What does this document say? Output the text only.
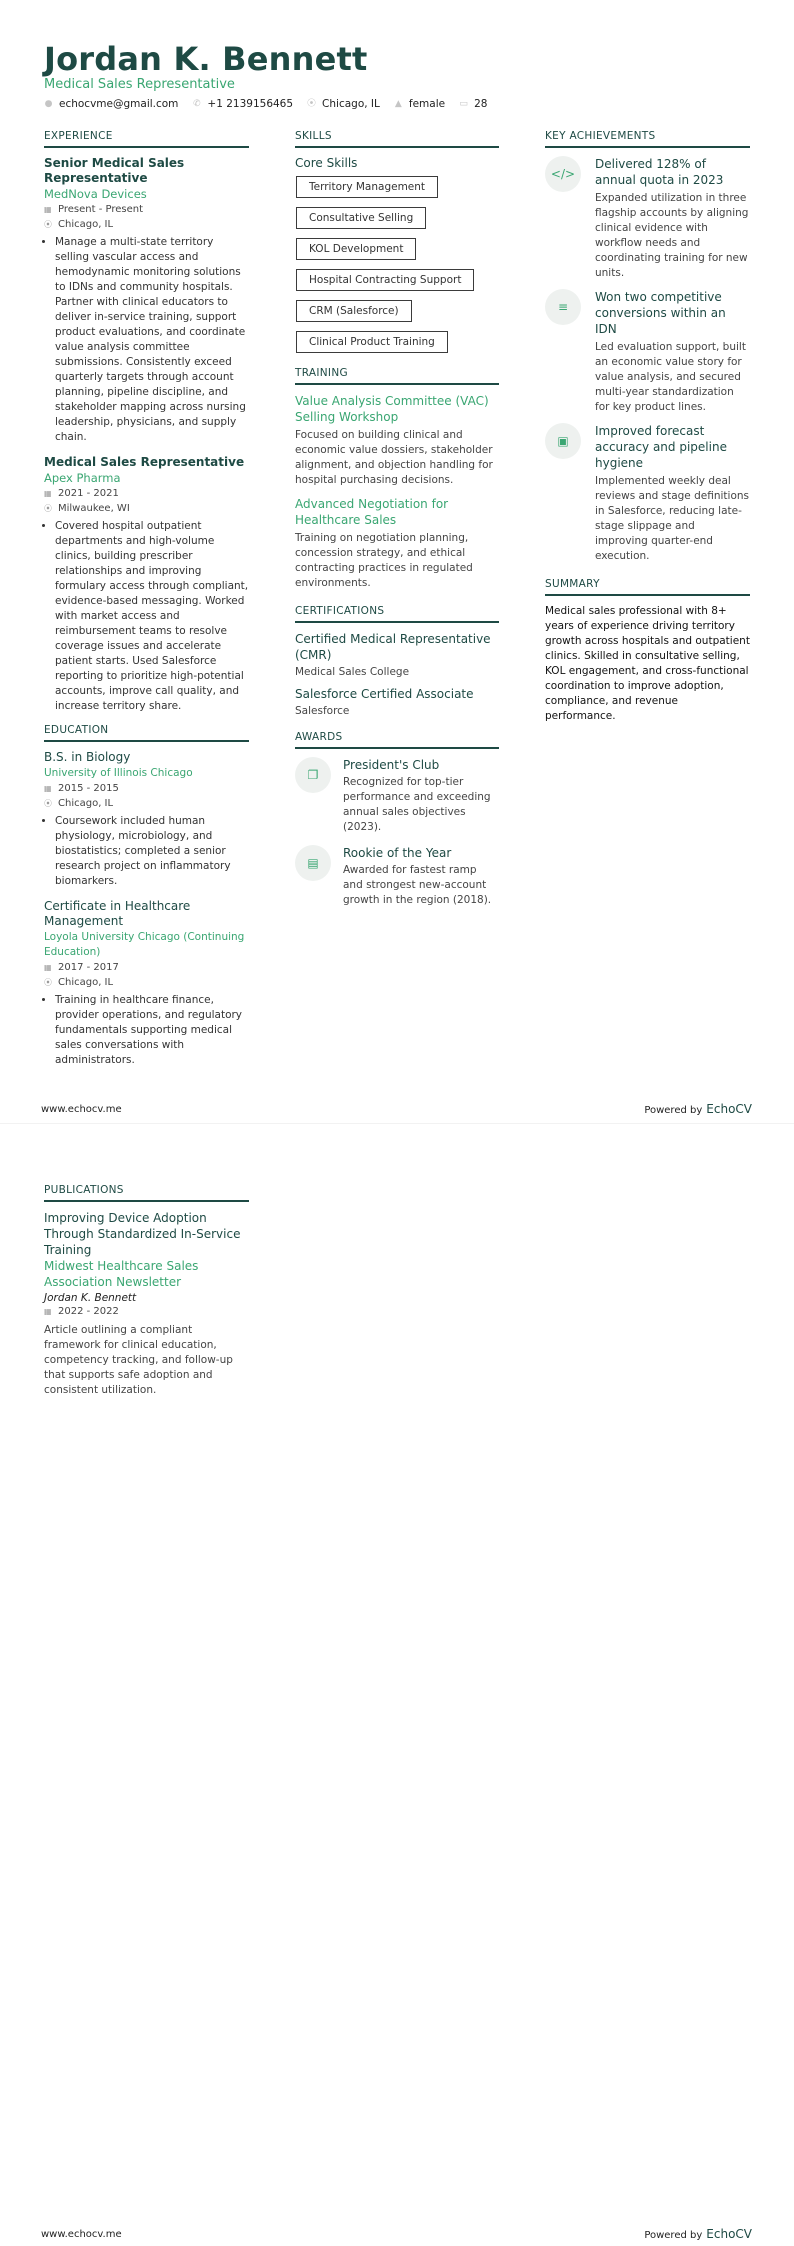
Jordan K. Bennett
Medical Sales Representative
● echocvme@gmail.com ✆ +1 2139156465 ⦿ Chicago, IL ▲ female ▭ 28
EXPERIENCE
Senior Medical Sales Representative
MedNova Devices
▦ Present - Present
⦿ Chicago, IL
• Manage a multi-state territory selling vascular access and hemodynamic monitoring solutions to IDNs and community hospitals. Partner with clinical educators to deliver in-service training, support product evaluations, and coordinate value analysis committee submissions. Consistently exceed quarterly targets through account planning, pipeline discipline, and stakeholder mapping across nursing leadership, physicians, and supply chain.
Medical Sales Representative
Apex Pharma
▦ 2021 - 2021
⦿ Milwaukee, WI
• Covered hospital outpatient departments and high-volume clinics, building prescriber relationships and improving formulary access through compliant, evidence-based messaging. Worked with market access and reimbursement teams to resolve coverage issues and accelerate patient starts. Used Salesforce reporting to prioritize high-potential accounts, improve call quality, and increase territory share.
EDUCATION
B.S. in Biology
University of Illinois Chicago
▦ 2015 - 2015
⦿ Chicago, IL
• Coursework included human physiology, microbiology, and biostatistics; completed a senior research project on inflammatory biomarkers.
Certificate in Healthcare Management
Loyola University Chicago (Continuing Education)
▦ 2017 - 2017
⦿ Chicago, IL
• Training in healthcare finance, provider operations, and regulatory fundamentals supporting medical sales conversations with administrators.
SKILLS
Core Skills
Territory Management
Consultative Selling
KOL Development
Hospital Contracting Support
CRM (Salesforce)
Clinical Product Training
TRAINING
Value Analysis Committee (VAC) Selling Workshop
Focused on building clinical and economic value dossiers, stakeholder alignment, and objection handling for hospital purchasing decisions.
Advanced Negotiation for Healthcare Sales
Training on negotiation planning, concession strategy, and ethical contracting practices in regulated environments.
CERTIFICATIONS
Certified Medical Representative (CMR)
Medical Sales College
Salesforce Certified Associate
Salesforce
AWARDS
❐
President's Club
Recognized for top-tier performance and exceeding annual sales objectives (2023).
▤
Rookie of the Year
Awarded for fastest ramp and strongest new-account growth in the region (2018).
KEY ACHIEVEMENTS
</>
Delivered 128% of annual quota in 2023
Expanded utilization in three flagship accounts by aligning clinical evidence with workflow needs and coordinating training for new units.
≡
Won two competitive conversions within an IDN
Led evaluation support, built an economic value story for value analysis, and secured multi-year standardization for key product lines.
▣
Improved forecast accuracy and pipeline hygiene
Implemented weekly deal reviews and stage definitions in Salesforce, reducing late-stage slippage and improving quarter-end execution.
SUMMARY
Medical sales professional with 8+ years of experience driving territory growth across hospitals and outpatient clinics. Skilled in consultative selling, KOL engagement, and cross-functional coordination to improve adoption, compliance, and revenue performance.
www.echocv.me	Powered by EchoCV
PUBLICATIONS
Improving Device Adoption Through Standardized In-Service Training
Midwest Healthcare Sales Association Newsletter
Jordan K. Bennett
▦ 2022 - 2022
Article outlining a compliant framework for clinical education, competency tracking, and follow-up that supports safe adoption and consistent utilization.
www.echocv.me	Powered by EchoCV
